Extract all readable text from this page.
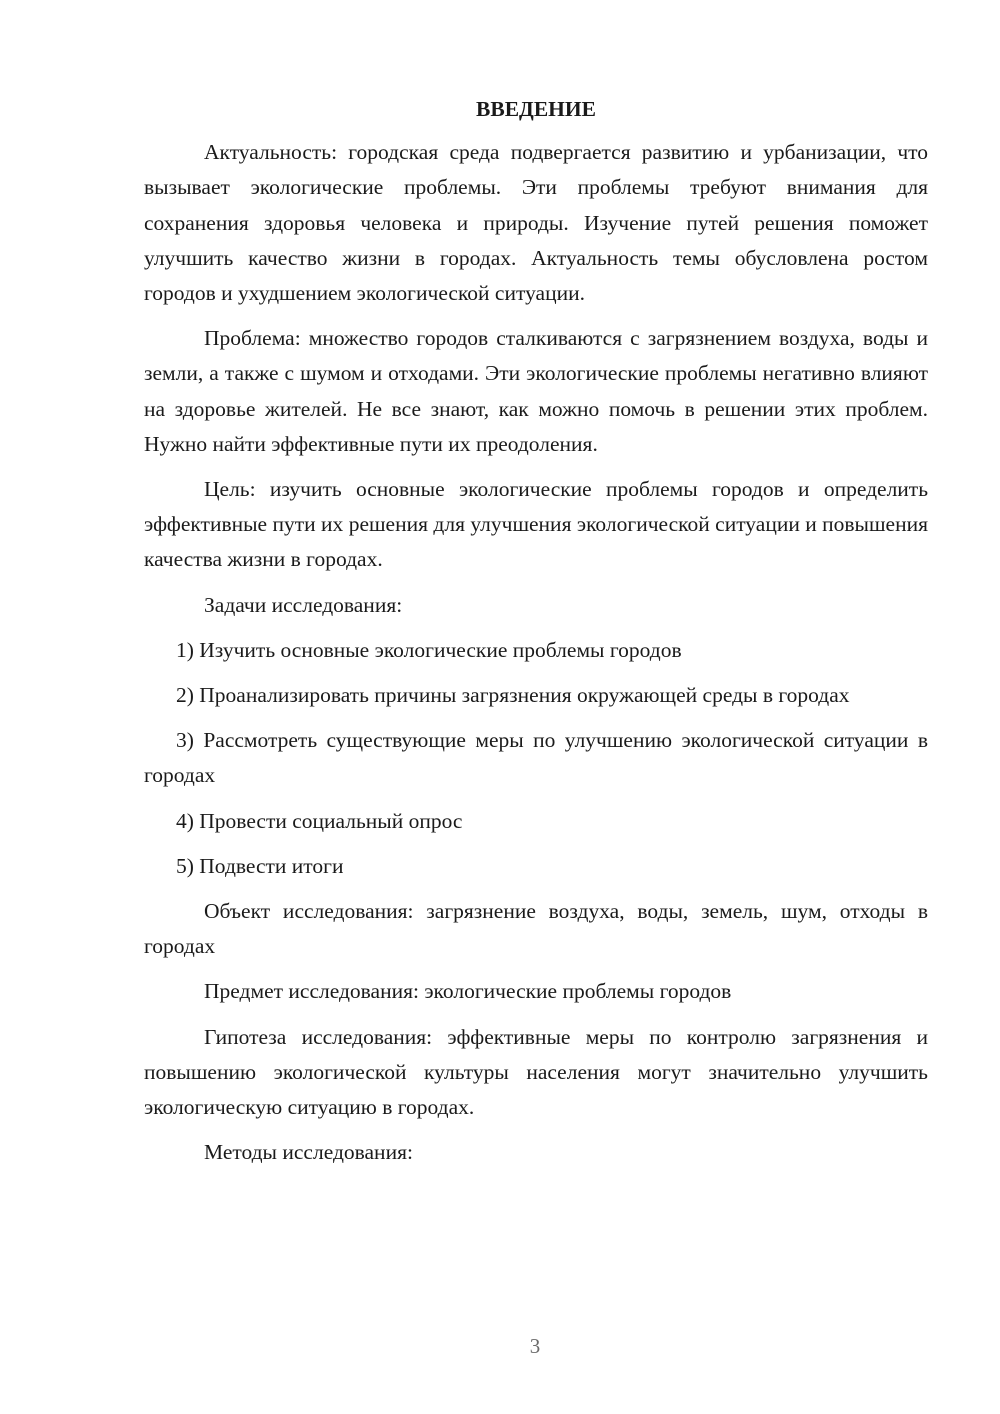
ВВЕДЕНИЕ

Актуальность: городская среда подвергается развитию и урбанизации, что вызывает экологические проблемы. Эти проблемы требуют внимания для сохранения здоровья человека и природы. Изучение путей решения поможет улучшить качество жизни в городах. Актуальность темы обусловлена ростом городов и ухудшением экологической ситуации.

Проблема: множество городов сталкиваются с загрязнением воздуха, воды и земли, а также с шумом и отходами. Эти экологические проблемы негативно влияют на здоровье жителей. Не все знают, как можно помочь в решении этих проблем. Нужно найти эффективные пути их преодоления.

Цель: изучить основные экологические проблемы городов и определить эффективные пути их решения для улучшения экологической ситуации и повышения качества жизни в городах.

Задачи исследования:

1) Изучить основные экологические проблемы городов

2) Проанализировать причины загрязнения окружающей среды в городах

3) Рассмотреть существующие меры по улучшению экологической ситуации в городах

4) Провести социальный опрос

5) Подвести итоги

Объект исследования: загрязнение воздуха, воды, земель, шум, отходы в городах

Предмет исследования: экологические проблемы городов

Гипотеза исследования: эффективные меры по контролю загрязнения и повышению экологической культуры населения могут значительно улучшить экологическую ситуацию в городах.

Методы исследования:

3
